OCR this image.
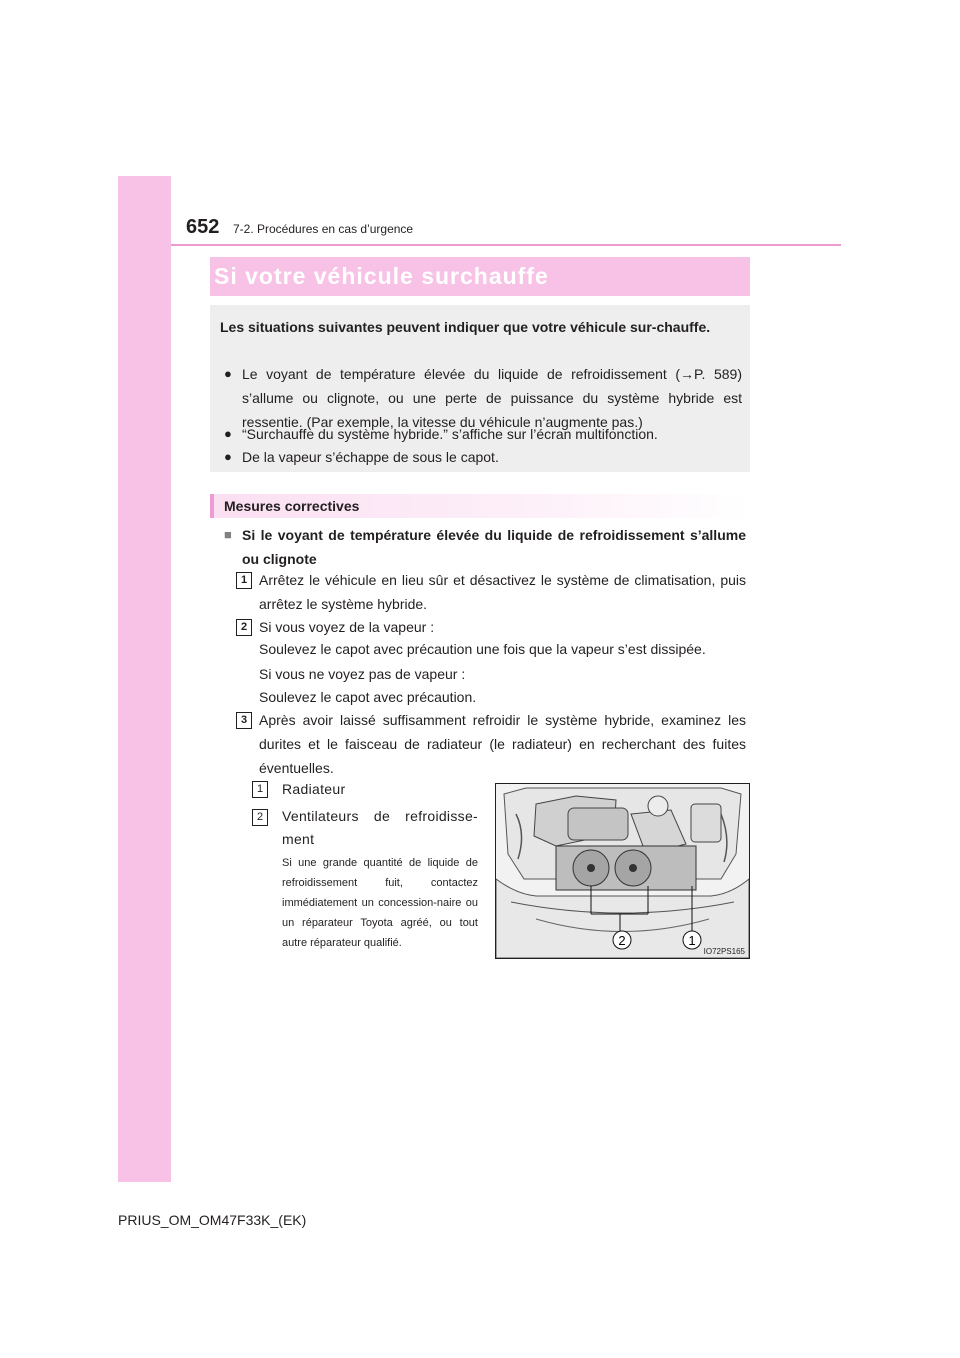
652 7-2. Procédures en cas d’urgence
Si votre véhicule surchauffe
Les situations suivantes peuvent indiquer que votre véhicule sur-chauffe.
● Le voyant de température élevée du liquide de refroidissement (→P. 589) s’allume ou clignote, ou une perte de puissance du système hybride est ressentie. (Par exemple, la vitesse du véhicule n’augmente pas.)
● “Surchauffe du système hybride.” s’affiche sur l’écran multifonction.
● De la vapeur s’échappe de sous le capot.
Mesures correctives
■ Si le voyant de température élevée du liquide de refroidissement s’allume ou clignote
1 Arrêtez le véhicule en lieu sûr et désactivez le système de climatisation, puis arrêtez le système hybride.
2 Si vous voyez de la vapeur :
Soulevez le capot avec précaution une fois que la vapeur s’est dissipée.
Si vous ne voyez pas de vapeur :
Soulevez le capot avec précaution.
3 Après avoir laissé suffisamment refroidir le système hybride, examinez les durites et le faisceau de radiateur (le radiateur) en recherchant des fuites éventuelles.
1	Radiateur
2	Ventilateurs de refroidisse-ment
Si une grande quantité de liquide de refroidissement fuit, contactez immédiatement un concession-naire ou un réparateur Toyota agréé, ou tout autre réparateur qualifié.	2	1
IO72PS165
PRIUS_OM_OM47F33K_(EK)
